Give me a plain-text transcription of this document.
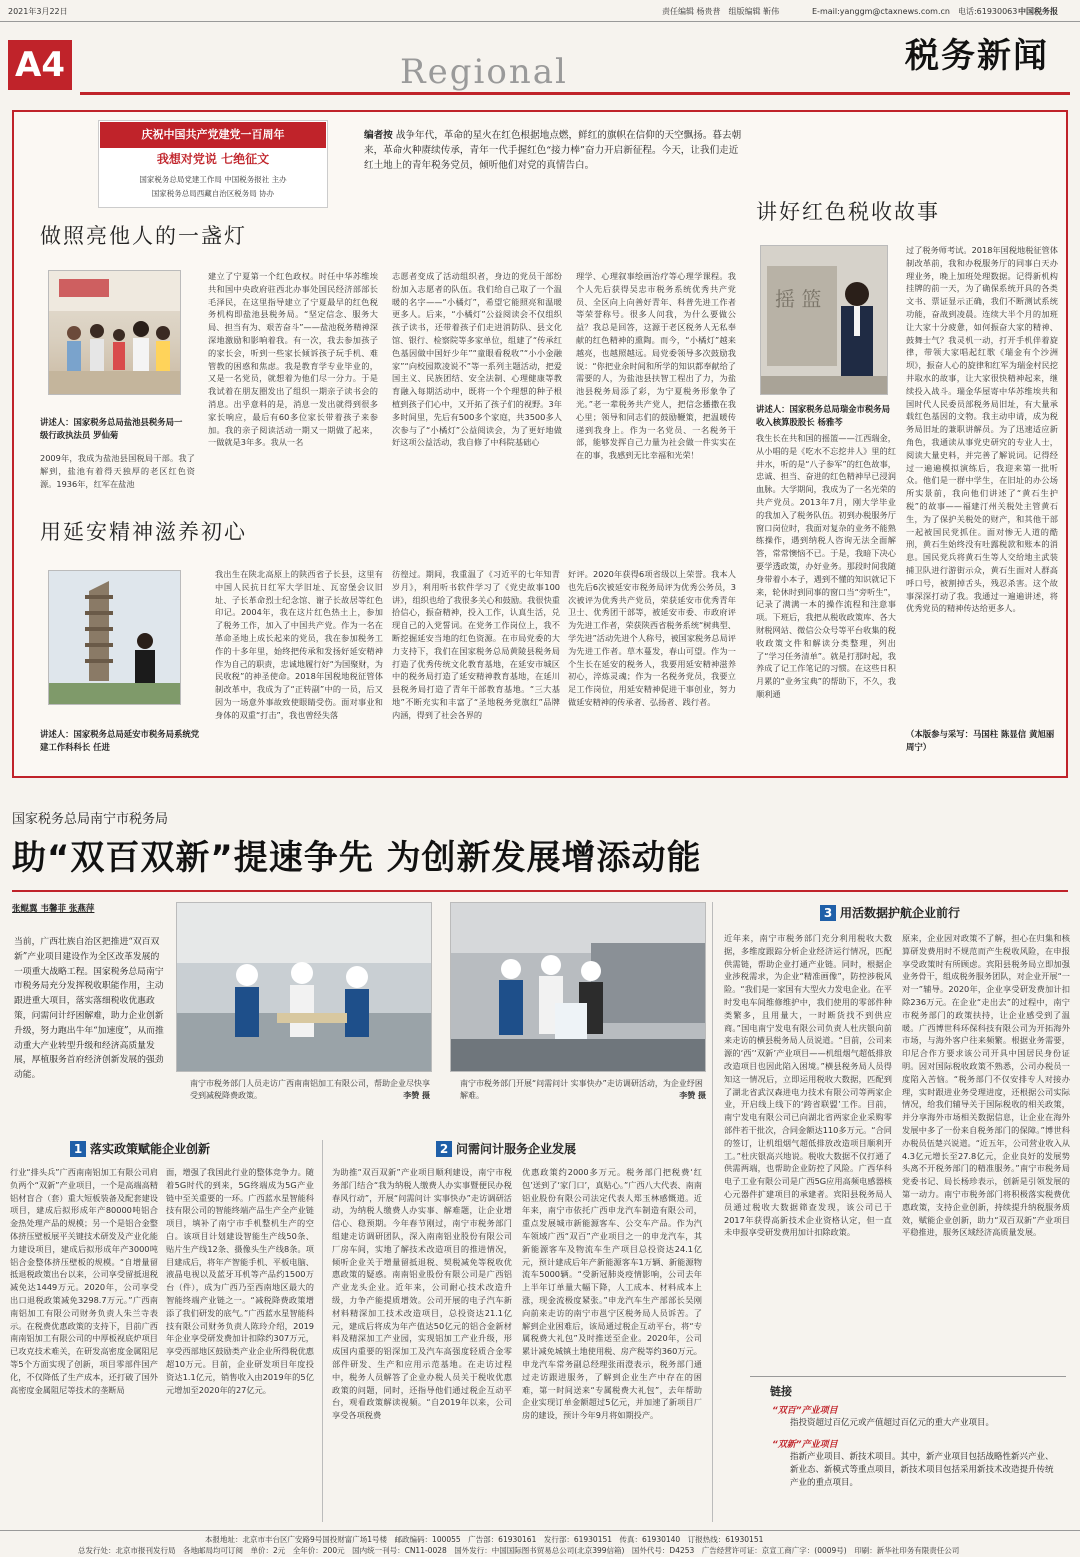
2021年3月22日	责任编辑 杨贵普　组版编辑 靳伟	E-mail:yanggm@ctaxnews.com.cn　电话:61930063 中国税务报
A4	Regional	税务新闻
庆祝中国共产党建党一百周年
我想对党说 七绝征文
国家税务总局党建工作局 中国税务报社 主办
国家税务总局西藏自治区税务局 协办
编者按 战争年代，革命的星火在红色根据地点燃，鲜红的旗帜在信仰的天空飘扬。暮去朝来，革命火种赓续传承，青年一代手握红色“接力棒”奋力开启新征程。今天，让我们走近红土地上的青年税务党员，倾听他们对党的真情告白。
做照亮他人的一盏灯
讲述人：国家税务总局盐池县税务局一级行政执法员 罗仙菊
2009年，我成为盐池县国税局干部。我了解到，盐池有着得天独厚的老区红色资源。1936年，红军在盐池
建立了宁夏第一个红色政权。时任中华苏维埃共和国中央政府驻西北办事处国民经济部部长毛泽民，在这里指导建立了宁夏最早的红色税务机构即盐池县税务局。“坚定信念、服务大局、担当有为、艰苦奋斗”——盐池税务精神深深地激励和影响着我。有一次，我去参加孩子的家长会，听到一些家长倾诉孩子玩手机、难管教的困惑和焦虑。我是教育学专业毕业的，又是一名党员，就想着为他们尽一分力。于是我试着在朋友圈发出了组织一期亲子读书会的消息。出乎意料的是，消息一发出就得到很多家长响应，最后有60多位家长带着孩子来参加。我的亲子阅读活动一期又一期做了起来，一做就是3年多。我从一名
志愿者变成了活动组织者，身边的党员干部纷纷加入志愿者的队伍。我们给自己取了一个温暖的名字——“小橘灯”，希望它能照亮和温暖更多人。后来，“小橘灯”公益阅读会不仅组织孩子读书，还带着孩子们走进消防队、县文化馆、银行、检察院等多家单位，组建了“传承红色基因做中国好少年”“童眼看税收”“小小金融家”“向校园欺凌说不”等一系列主题活动，把爱国主义、民族团结、安全法制、心理健康等教育融入每期活动中，既将一个个理想的种子根植到孩子们心中，又开拓了孩子们的视野。3年多时间里，先后有500多个家庭，共3500多人次参与了“小橘灯”公益阅读会，为了更好地做好这项公益活动，我自修了中科院基础心
理学、心理叙事绘画治疗等心理学课程。我个人先后获得吴忠市税务系统优秀共产党员、全区向上向善好青年、科普先进工作者等荣誉称号。很多人问我，为什么要做公益？我总是回答，这源于老区税务人无私奉献的红色精神的熏陶。而今，“小橘灯”越来越亮，也越照越远。局党委领导多次鼓励我说：“你把业余时间和所学的知识都奉献给了需要的人，为盐池县扶智工程出了力，为盐池县税务局添了彩，为宁夏税务形象争了光。”老一辈税务共产党人，把信念播撒在我心里；领导和同志们的鼓励鞭策，把温暖传递到我身上。作为一名党员、一名税务干部，能够发挥自己力量为社会做一件实实在在的事，我感到无比幸福和光荣！
讲好红色税收故事
摇 篮
讲述人：国家税务总局瑞金市税务局收入核算股股长 杨雅芩
我生长在共和国的摇篮——江西瑞金，从小唱的是《吃水不忘挖井人》里的红井水，听的是“八子参军”的红色故事，忠诚、担当、奋进的红色精神早已浸润血脉。大学期间，我成为了一名光荣的共产党员。2013年7月，刚大学毕业的我加入了税务队伍。初到办税服务厅窗口岗位时，我面对复杂的业务不能熟练操作，遇到纳税人咨询无法全面解答，常常懊恼不已。于是，我暗下决心要学透政策，办好业务。那段时间我随身带着小本子，遇到不懂的知识就记下来，轮休时到同事的窗口当“旁听生”，记录了满满一本的操作流程和注意事项。下班后，我把从税收政策库、各大财税网站、微信公众号等平台收集的税收政策文件和解读分类整理，列出了“学习任务清单”。就是打那时起，我养成了记工作笔记的习惯。在这些日积月累的“业务宝典”的帮助下，不久，我顺利通
过了税务师考试。2018年国税地税征管体制改革前，我和办税服务厅的同事白天办理业务，晚上加班处理数据。记得新机构挂牌的前一天，为了确保系统开具的各类文书、票证显示正确，我们不断测试系统功能，奋战到凌晨。连续大半个月的加班让大家十分疲惫，如何振奋大家的精神、鼓舞士气？我灵机一动，打开手机伴着旋律，带领大家唱起红歌《瑞金有个沙洲坝》，振奋人心的旋律和红军为瑞金村民挖井取水的故事，让大家很快精神起来，继续投入战斗。瑞金华屋寄中华苏维埃共和国时代人民委员部税务局旧址，有大量承载红色基因的文物。我主动申请，成为税务局旧址的兼职讲解员。为了迅速适应新角色，我通读从事党史研究的专业人士，阅读大量史料，并完善了解说词。记得经过一遍遍模拟演练后，我迎来第一批听众。他们是一群中学生，在旧址的办公场所实景前，我向他们讲述了“黄石生护税”的故事——福建汀州关税处主管黄石生，为了保护关税处的财产，和其他干部一起被国民党抓住。面对惨无人道的酷刑，黄石生始终没有吐露税款和账本的消息。国民党兵将黄石生等人交给地主武装捕卫队进行游街示众，黄石生面对人群高呼口号，被割掉舌头，残忍杀害。这个故事深深打动了我。我通过一遍遍讲述，将优秀党员的精神传达给更多人。
（本版参与采写：马国柱 陈显信 黄旭丽 周宁）
用延安精神滋养初心
讲述人：国家税务总局延安市税务局系统党建工作科科长 任进
我出生在陕北高原上的陕西省子长县，这里有中国人民抗日红军大学旧址、瓦窑堡会议旧址、子长革命烈士纪念馆、谢子长故居等红色印记。2004年，我在这片红色热土上，参加了税务工作，加入了中国共产党。作为一名在革命圣地上成长起来的党员，我在参加税务工作的十多年里，始终把传承和发扬好延安精神作为自己的职责，忠诚地履行好“为国聚财，为民收税”的神圣使命。2018年国税地税征管体制改革中，我成为了“正转副”中的一员，后又因为一场意外事故致使眼睛受伤。面对事业和身体的双重“打击”，我也曾经失落
彷徨过。期间，我重温了《习近平的七年知青岁月》，利用听书软件学习了《党史故事100讲》，组织也给了我很多关心和鼓励。我很快重拾信心，振奋精神，投入工作，认真生活，兑现自己的入党誓词。在党务工作岗位上，我不断挖掘延安当地的红色资源。在市局党委的大力支持下，我们在国家税务总局黄陵县税务局打造了优秀传统文化教育基地，在延安市城区中的税务局打造了延安精神教育基地，在延川县税务局打造了青年干部教育基地。“三大基地”不断充实和丰富了“圣地税务党旗红”品牌内涵，得到了社会各界的
好评。2020年获得6项省级以上荣誉。我本人也先后6次被延安市税务局评为优秀公务员，3次被评为优秀共产党员，荣获延安市优秀青年卫士、优秀团干部等，被延安市委、市政府评为先进工作者，荣获陕西省税务系统“树典型、学先进”活动先进个人称号，被国家税务总局评为先进工作者。草木蔓发，春山可望。作为一个生长在延安的税务人，我要用延安精神滋养初心，淬炼灵魂；作为一名税务党员，我要立足工作岗位，用延安精神促进干事创业，努力做延安精神的传承者、弘扬者、践行者。
国家税务总局南宁市税务局
助“双百双新”提速争先 为创新发展增添动能
张鲲翼 韦馨菲 张燕萍
当前，广西壮族自治区把推进“双百双新”产业项目建设作为全区改革发展的一项重大战略工程。国家税务总局南宁市税务局充分发挥税收职能作用，主动跟进重大项目，落实落细税收优惠政策，问需问计纾困解难，助力企业创新升级，努力跑出牛年“加速度”，从而推动重大产业转型升级和经济高质量发展，厚植服务首府经济创新发展的强劲动能。
南宁市税务部门人员走访广西南南铝加工有限公司，帮助企业尽快享受到减税降费政策。	李赞 摄
南宁市税务部门开展“问需问计 实事快办”走访调研活动，为企业纾困解难。	李赞 摄
1 落实政策赋能企业创新
行业“排头兵”广西南南铝加工有限公司肩负两个“双新”产业项目，一个是高端高精铝材盲合（套）重大短板装备及配套建设项目，建成后拟形成年产80000吨铝合金热处理产品的规模；另一个是铝合金整体挤压壁板展平关键技术研发及产业化能力建设项目，建成后拟形成年产3000吨铝合金整体挤压壁板的规模。“自增量留抵退税政策出台以来，公司享受留抵退税减免达1449万元。2020年，公司享受出口退税政策减免3298.7万元。”广西南南铝加工有限公司财务负责人朱兰寺表示。在税费优惠政策的支持下，目前广西南南铝加工有限公司的中厚板视底炉项目已攻克技术难关，在研发高密度金属阻尼等5个方面实现了创新，项目零部件国产化，不仅降低了生产成本，还打破了国外高密度金属阻尼等技术的垄断局
面，增强了我国此行业的整体竞争力。随着5G时代的到来，5G终端成为5G产业链中至关重要的一环。广西蓝水星智能科技有限公司的智能终端产品生产全产业链项目，填补了南宁市手机整机生产的空白。该项目计划建设智能生产线50条、贴片生产线12条、摄像头生产线8条。项目建成后，将年产智能手机、平板电脑、液晶电视以及蓝牙耳机等产品约1500万台（件），成为广西乃至西南地区最大的智能终端产业链之一。“减税降费政策增添了我们研发的底气。”广西蓝水星智能科技有限公司财务负责人陈玲介绍，2019年企业享受研发费加计扣除约307万元，享受西部地区鼓励类产业企业所得税优惠超10万元。目前，企业研发项目年度投资达1.1亿元，销售收入由2019年的5亿元增加至2020年的27亿元。
2 问需问计服务企业发展
为助推“双百双新”产业项目顺利建设，南宁市税务部门结合“我为纳税人缴费人办实事暨便民办税春风行动”，开展“问需问计 实事快办”走访调研活动，为纳税人缴费人办实事、解难题，让企业增信心、稳预期。今年春节刚过，南宁市税务部门组建走访调研团队，深入南南铝业股份有限公司厂房车间，实地了解技术改造项目的推进情况，倾听企业关于增量留抵退税、契税减免等税收优惠政策的疑惑。南南铝业股份有限公司是广西铝产业龙头企业。近年来，公司耐心技术改造升级，力争产能提质增效。公司开展的电子汽车新材料精深加工技术改造项目，总投资达21.1亿元，建成后将成为年产值达50亿元的铝合金新材料及精深加工产业园，实现铝加工产业升级，形成国内重要的铝深加工及汽车高强度轻质合金零部件研发、生产和应用示范基地。在走访过程中，税务人员解答了企业办税人员关于税收优惠政策的问题，同时，还指导他们通过税企互动平台，观看政策解读视频。“自2019年以来，公司享受各项税费
优惠政策约2000多万元。税务部门把税费‘红包’送到了‘家门口’，真贴心。”广西八大代表、南南铝业股份有限公司法定代表人郑玉林感慨道。近年来，南宁市依托广西申龙汽车制造有限公司，重点发展城市新能源客车、公交车产品。作为汽车领域广西“双百”产业项目之一的申龙汽车，其新能源客车及物流车生产项目总投资达24.1亿元，预计建成后年产新能源客车1万辆、新能源物流车5000辆。“受新冠肺炎疫情影响，公司去年上半年订单量大幅下降，人工成本、材料成本上涨，现金流极度紧张。”申龙汽车生产部部长吴刚向前来走访的南宁市邕宁区税务局人员诉苦。了解到企业困难后，该局通过税企互动平台，将“专属税费大礼包”及时推送至企业。2020年，公司累计减免城镇土地使用税、房产税等约360万元。申龙汽车常务副总经理张雨澄表示，税务部门通过走访跟进服务，了解到企业生产中存在的困难，第一时间送来“专属税费大礼包”，去年帮助企业实现订单金额超过5亿元，并加速了新项目厂房的建设，预计今年9月将如期投产。
3 用活数据护航企业前行
近年来，南宁市税务部门充分利用税收大数据，多维度跟踪分析企业经济运行情况，匹配供需链，帮助企业打通产业链。同时，根据企业涉税需求，为企业“精准画像”，防控涉税风险。“我们是一家国有大型火力发电企业。在平时发电车间维修维护中，我们使用的零部件种类繁多，且用量大，一时断货找不到供应商。”国电南宁发电有限公司负责人杜庆银向前来走访的横县税务局人员说道。“目前，公司来源的‘西’‘双新’产业项目——机组烟气超低排放改造项目也因此陷入困境。”横县税务局人员得知这一情况后，立即运用税收大数据，匹配到了湖北省武汉森进电力技术有限公司等两家企业，开启线上线下的‘跨省联盟’工作。目前，南宁发电有限公司已向湖北省两家企业采购零部件若干批次，合同金额达110多万元。“合同的签订，让机组烟气超低排放改造项目顺利开工。”杜庆银高兴地说。税收大数据不仅打通了供需两端，也帮助企业防控了风险。广西华科电子工业有限公司是广西5G应用高频电感器核心元器件扩建项目的承建者。宾阳县税务局人员通过税收大数据筛查发现，该公司已于2017年获得高新技术企业资格认定，但一直未申报享受研发费用加计扣除政策。
原来，企业因对政策不了解，担心在归集和核算研发费用时不规范而产生税收风险，在申报享受政策时有所顾虑。宾阳县税务局立即加强业务骨干，组成税务服务团队，对企业开展“一对一”辅导。2020年，企业享受研发费加计扣除236万元。在企业“走出去”的过程中，南宁市税务部门的政策扶持，让企业感受到了温暖。广西博世科环保科技有限公司为开拓海外市场，与海外客户往来频繁。根据业务需要，印尼合作方要求该公司开具中国居民身份证明。因对国际税收政策不熟悉，公司办税员一度陷入苦恼。“税务部门不仅安排专人对接办理，实时跟进业务受理进度，还根据公司实际情况，给我们辅导关于国际税收的相关政策，并分享海外市场相关数据信息，让企业在海外发展中多了一份来自税务部门的保障。”博世科办税员伍楚兴说道。“近五年，公司营业收入从4.3亿元增长至27.8亿元，企业良好的发展势头离不开税务部门的精准服务。”南宁市税务局党委书记、局长杨珍表示，创新是引领发展的第一动力。南宁市税务部门将积极落实税费优惠政策，支持企业创新，持续提升纳税服务质效，赋能企业创新，助力“双百双新”产业项目平稳推进，服务区域经济高质量发展。
链接
“双百”产业项目
指投资超过百亿元或产值超过百亿元的重大产业项目。
“双新”产业项目
指新产业项目、新技术项目。其中，新产业项目包括战略性新兴产业、新业态、新模式等重点项目，新技术项目包括采用新技术改造提升传统产业的重点项目。
本报地址：北京市丰台区广安路9号国投财富广场1号楼　邮政编码：100055　广告部：61930161　发行部：61930151　传真：61930140　订报热线：61930151
总发行处：北京市报刊发行局　各地邮局均可订阅　单价：2元　全年价：200元　国内统一刊号：CN11-0028　国外发行：中国国际图书贸易总公司(北京399信箱)　国外代号：D4253　广告经营许可证：京宣工商广字：(0009号)　印刷：新华社印务有限责任公司
